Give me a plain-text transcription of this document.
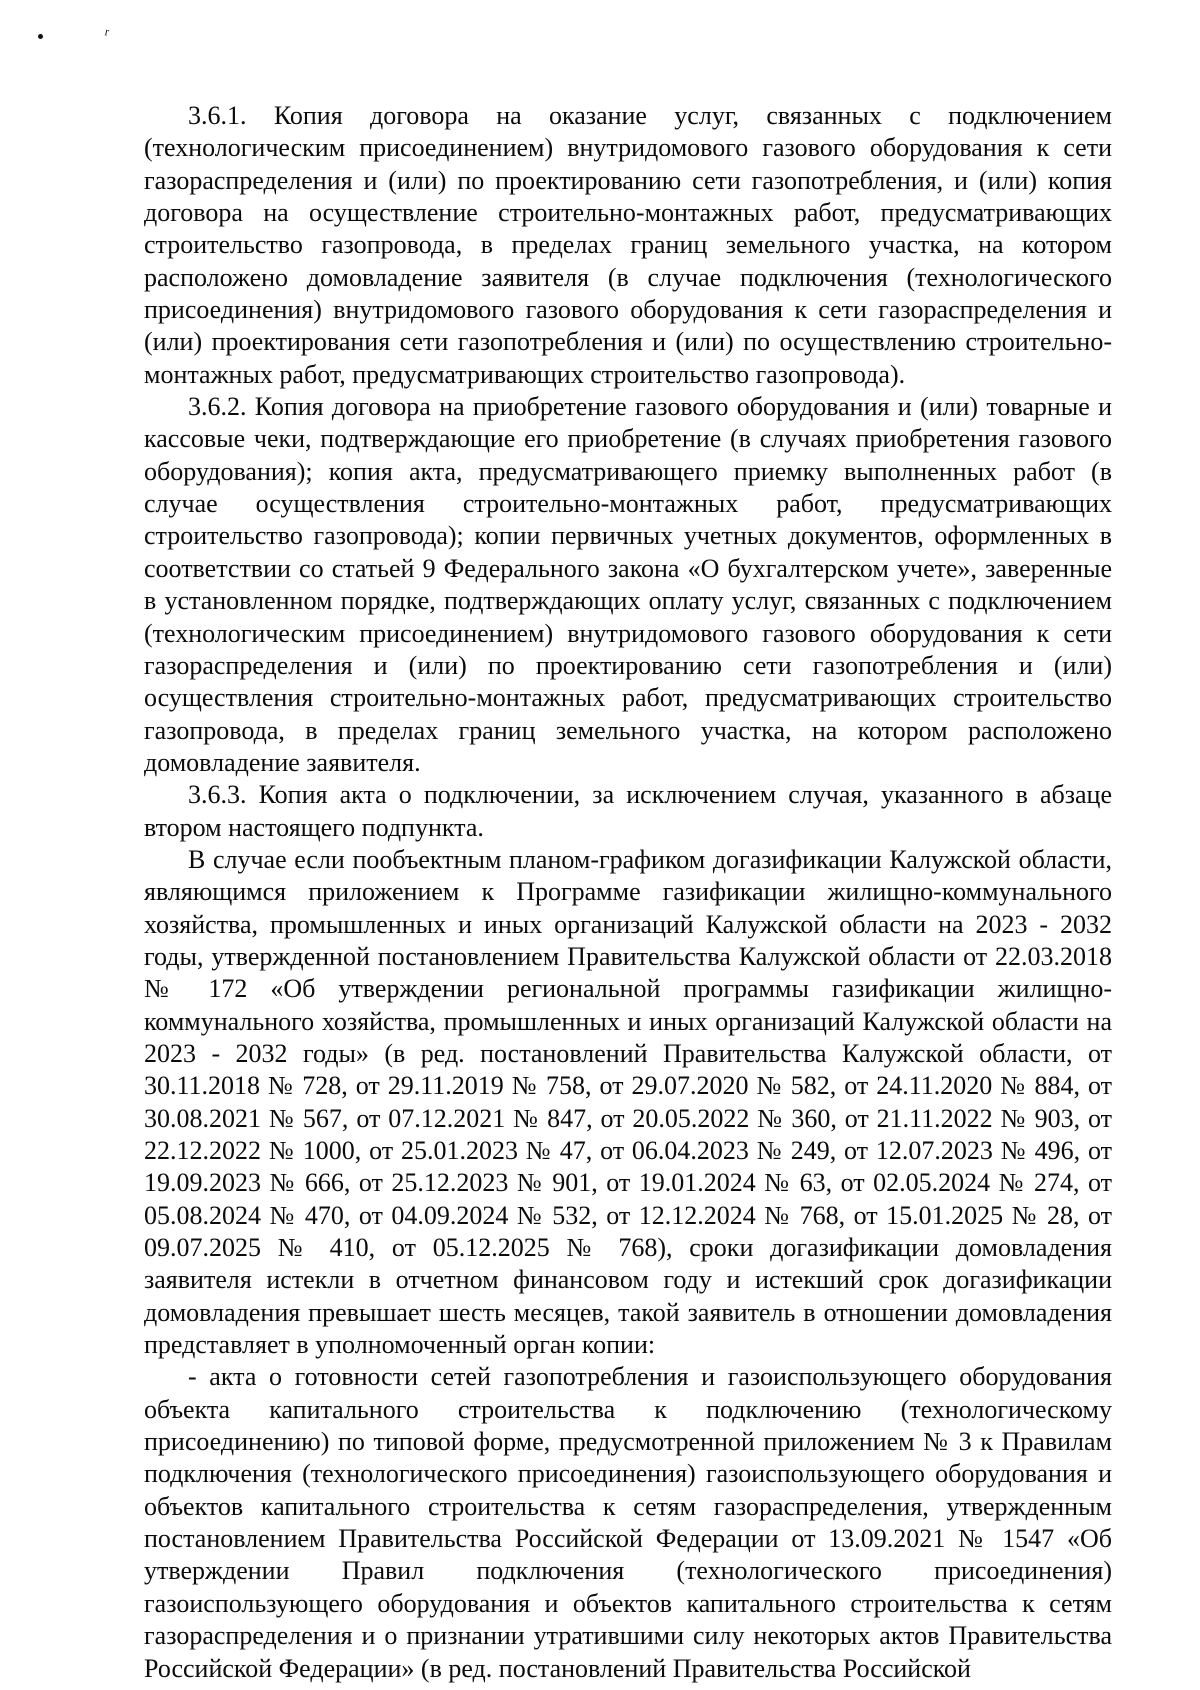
ʳ

3.6.1. Копия договора на оказание услуг, связанных с подключением (технологическим присоединением) внутридомового газового оборудования к сети газораспределения и (или) по проектированию сети газопотребления, и (или) копия договора на осуществление строительно-монтажных работ, предусматривающих строительство газопровода, в пределах границ земельного участка, на котором расположено домовладение заявителя (в случае подключения (технологического присоединения) внутридомового газового оборудования к сети газораспределения и (или) проектирования сети газопотребления и (или) по осуществлению строительно-монтажных работ, предусматривающих строительство газопровода).

3.6.2. Копия договора на приобретение газового оборудования и (или) товарные и кассовые чеки, подтверждающие его приобретение (в случаях приобретения газового оборудования); копия акта, предусматривающего приемку выполненных работ (в случае осуществления строительно-монтажных работ, предусматривающих строительство газопровода); копии первичных учетных документов, оформленных в соответствии со статьей 9 Федерального закона «О бухгалтерском учете», заверенные в установленном порядке, подтверждающих оплату услуг, связанных с подключением (технологическим присоединением) внутридомового газового оборудования к сети газораспределения и (или) по проектированию сети газопотребления и (или) осуществления строительно-монтажных работ, предусматривающих строительство газопровода, в пределах границ земельного участка, на котором расположено домовладение заявителя.

3.6.3. Копия акта о подключении, за исключением случая, указанного в абзаце втором настоящего подпункта.

В случае если пообъектным планом-графиком догазификации Калужской области, являющимся приложением к Программе газификации жилищно-коммунального хозяйства, промышленных и иных организаций Калужской области на 2023 - 2032 годы, утвержденной постановлением Правительства Калужской области от 22.03.2018 № 172 «Об утверждении региональной программы газификации жилищно-коммунального хозяйства, промышленных и иных организаций Калужской области на 2023 - 2032 годы» (в ред. постановлений Правительства Калужской области, от 30.11.2018 № 728, от 29.11.2019 № 758, от 29.07.2020 № 582, от 24.11.2020 № 884, от 30.08.2021 № 567, от 07.12.2021 № 847, от 20.05.2022 № 360, от 21.11.2022 № 903, от 22.12.2022 № 1000, от 25.01.2023 № 47, от 06.04.2023 № 249, от 12.07.2023 № 496, от 19.09.2023 № 666, от 25.12.2023 № 901, от 19.01.2024 № 63, от 02.05.2024 № 274, от 05.08.2024 № 470, от 04.09.2024 № 532, от 12.12.2024 № 768, от 15.01.2025 № 28, от 09.07.2025 № 410, от 05.12.2025 № 768), сроки догазификации домовладения заявителя истекли в отчетном финансовом году и истекший срок догазификации домовладения превышает шесть месяцев, такой заявитель в отношении домовладения представляет в уполномоченный орган копии:

- акта о готовности сетей газопотребления и газоиспользующего оборудования объекта капитального строительства к подключению (технологическому присоединению) по типовой форме, предусмотренной приложением № 3 к Правилам подключения (технологического присоединения) газоиспользующего оборудования и объектов капитального строительства к сетям газораспределения, утвержденным постановлением Правительства Российской Федерации от 13.09.2021 № 1547 «Об утверждении Правил подключения (технологического присоединения) газоиспользующего оборудования и объектов капитального строительства к сетям газораспределения и о признании утратившими силу некоторых актов Правительства Российской Федерации» (в ред. постановлений Правительства Российской
